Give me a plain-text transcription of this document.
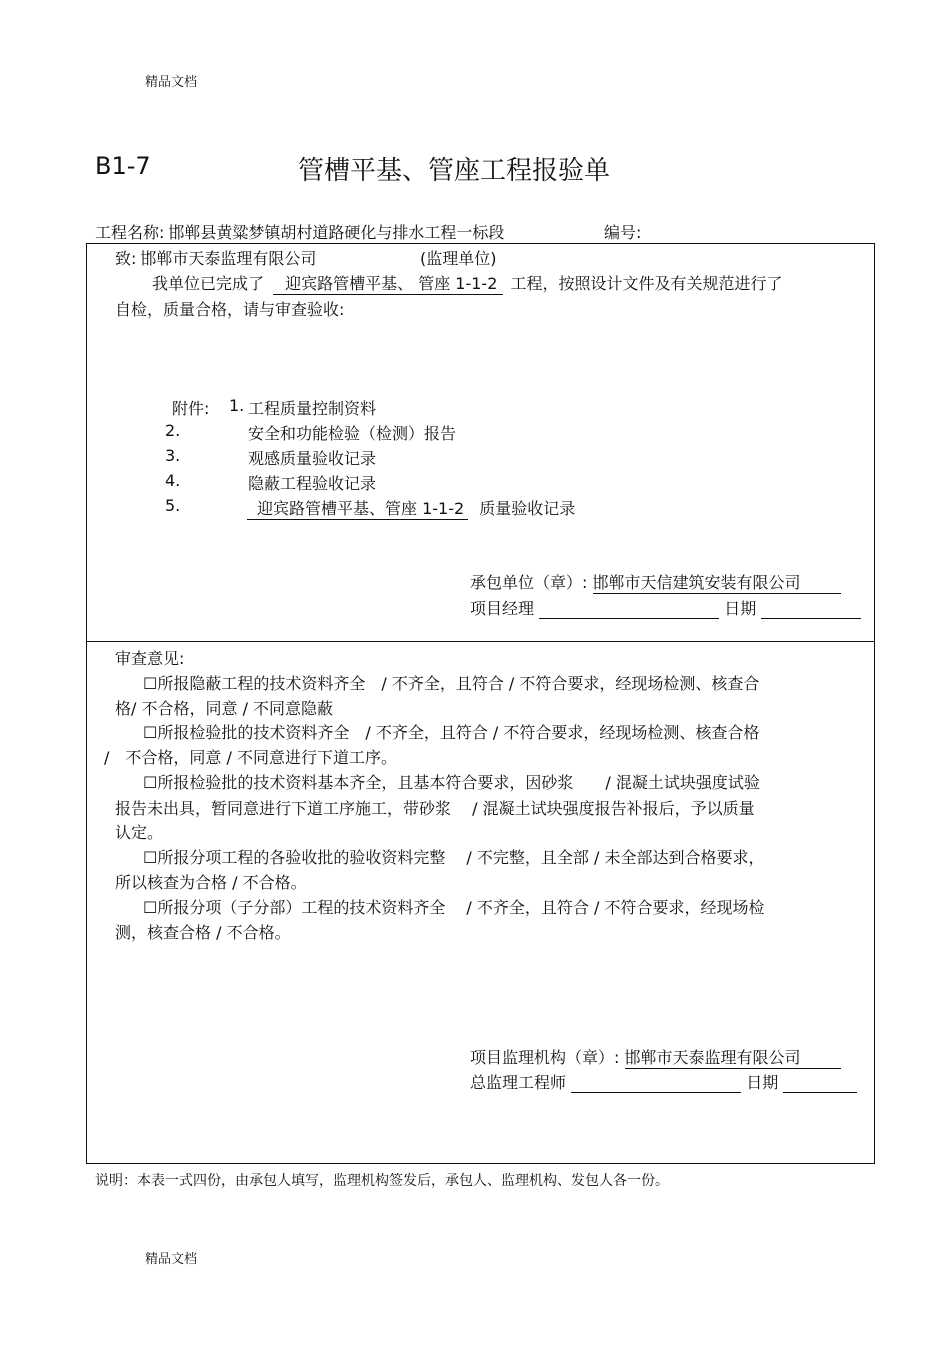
精品文档
B1-7	管槽平基、管座工程报验单
工程名称: 邯郸县黄粱梦镇胡村道路硬化与排水工程一标段	编号:
致: 邯郸市天泰监理有限公司	(监理单位)
我单位已完成了 迎宾路管槽平基、 管座 1-1-2 工程，按照设计文件及有关规范进行了
自检，质量合格，请与审查验收:
附件: 1. 工程质量控制资料
2.	安全和功能检验（检测）报告
3.	观感质量验收记录
4.	隐蔽工程验收记录
5.	迎宾路管槽平基、管座 1-1-2 质量验收记录
承包单位（章）: 邯郸市天信建筑安装有限公司
项目经理	日期
审查意见:
☐所报隐蔽工程的技术资料齐全　/ 不齐全，且符合 / 不符合要求，经现场检测、核查合
格/ 不合格，同意 / 不同意隐蔽
☐所报检验批的技术资料齐全　/ 不齐全，且符合 / 不符合要求，经现场检测、核查合格
/　不合格，同意 / 不同意进行下道工序。
☐所报检验批的技术资料基本齐全，且基本符合要求，因砂浆　　/ 混凝土试块强度试验
报告未出具，暂同意进行下道工序施工，带砂浆　 / 混凝土试块强度报告补报后，予以质量
认定。
☐所报分项工程的各验收批的验收资料完整　 / 不完整，且全部 / 未全部达到合格要求，
所以核查为合格 / 不合格。
☐所报分项（子分部）工程的技术资料齐全　 / 不齐全，且符合 / 不符合要求，经现场检
测，核查合格 / 不合格。
项目监理机构（章）: 邯郸市天泰监理有限公司
总监理工程师	日期
说明：本表一式四份，由承包人填写，监理机构签发后，承包人、监理机构、发包人各一份。
精品文档
